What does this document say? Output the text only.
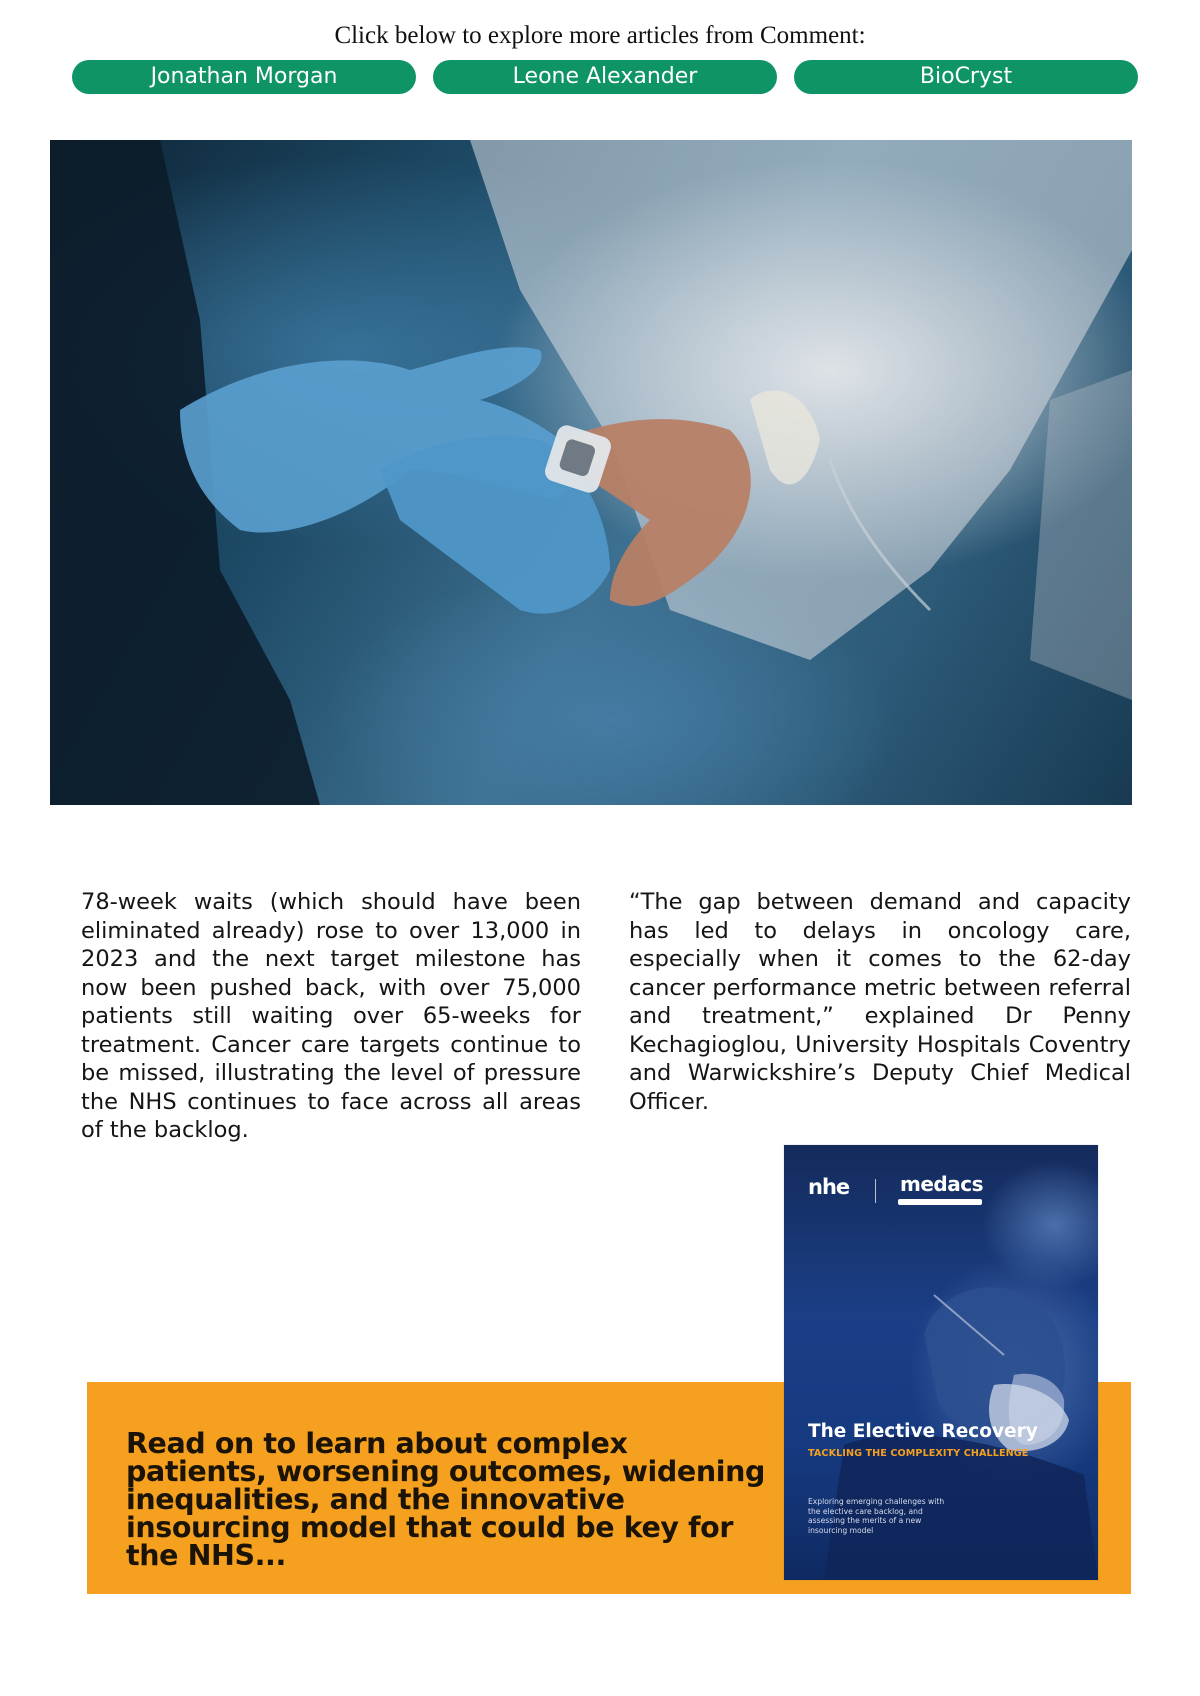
Click below to explore more articles from Comment:
Jonathan Morgan	Leone Alexander	BioCryst

78-week waits (which should have been eliminated already) rose to over 13,000 in 2023 and the next target milestone has now been pushed back, with over 75,000 patients still waiting over 65-weeks for treatment. Cancer care targets continue to be missed, illustrating the level of pressure the NHS continues to face across all areas of the backlog.

“The gap between demand and capacity has led to delays in oncology care, especially when it comes to the 62-day cancer performance metric between referral and treatment,” explained Dr Penny Kechagioglou, University Hospitals Coventry and Warwickshire’s Deputy Chief Medical Officer.

Read on to learn about complex patients, worsening outcomes, widening inequalities, and the innovative insourcing model that could be key for the NHS...
nhe	medacs
The Elective Recovery
TACKLING THE COMPLEXITY CHALLENGE
Exploring emerging challenges with the elective care backlog, and assessing the merits of a new insourcing model
